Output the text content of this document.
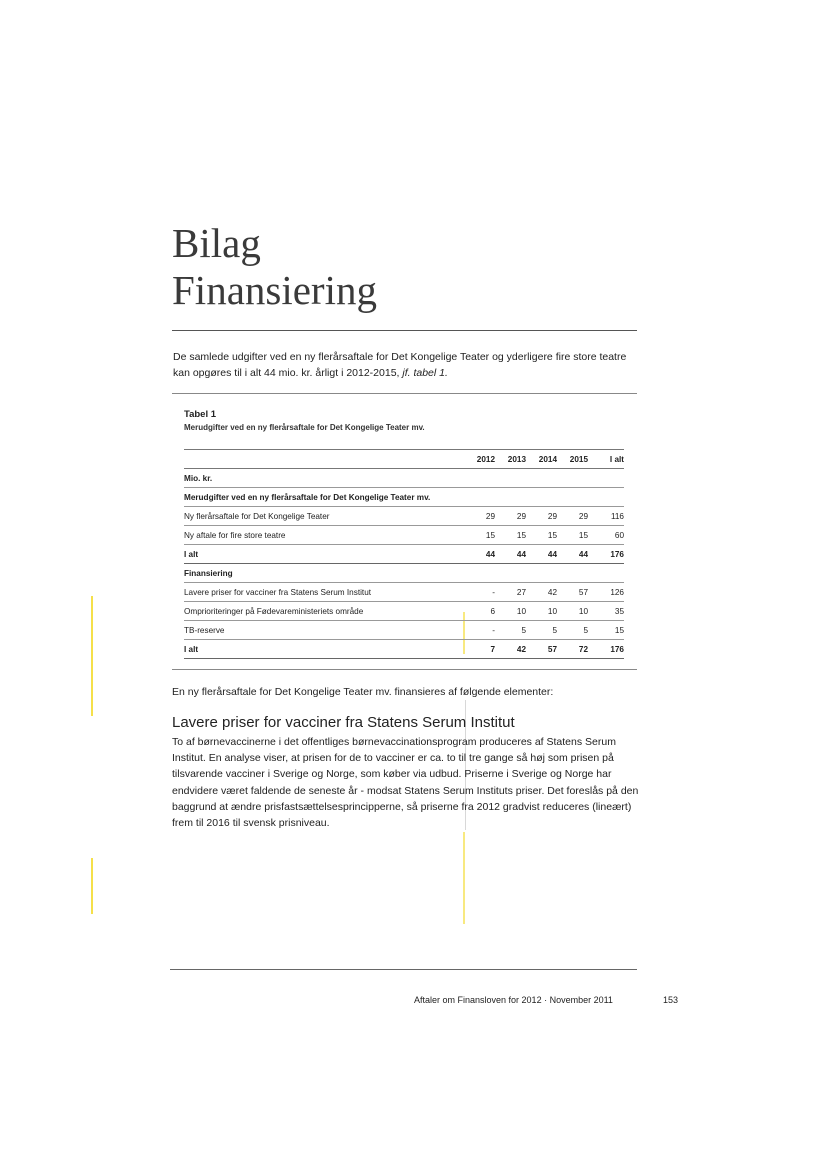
Bilag
Finansiering
De samlede udgifter ved en ny flerårsaftale for Det Kongelige Teater og yderligere fire store teatre kan opgøres til i alt 44 mio. kr. årligt i 2012-2015, jf. tabel 1.
Tabel 1
Merudgifter ved en ny flerårsaftale for Det Kongelige Teater mv.
	2012	2013	2014	2015	I alt
Mio. kr.					
Merudgifter ved en ny flerårsaftale for Det Kongelige Teater mv.					
Ny flerårsaftale for Det Kongelige Teater	29	29	29	29	116
Ny aftale for fire store teatre	15	15	15	15	60
I alt	44	44	44	44	176
Finansiering					
Lavere priser for vacciner fra Statens Serum Institut	-	27	42	57	126
Omprioriteringer på Fødevareministeriets område	6	10	10	10	35
TB-reserve	-	5	5	5	15
I alt	7	42	57	72	176
En ny flerårsaftale for Det Kongelige Teater mv. finansieres af følgende elementer:
Lavere priser for vacciner fra Statens Serum Institut
To af børnevaccinerne i det offentliges børnevaccinationsprogram produceres af Statens Serum Institut. En analyse viser, at prisen for de to vacciner er ca. to til tre gange så høj som prisen på tilsvarende vacciner i Sverige og Norge, som køber via udbud. Priserne i Sverige og Norge har endvidere været faldende de seneste år - modsat Statens Serum Instituts priser. Det foreslås på den baggrund at ændre prisfastsættelsesprincipperne, så priserne fra 2012 gradvist reduceres (lineært) frem til 2016 til svensk prisniveau.
Aftaler om Finansloven for 2012 · November 2011	153
